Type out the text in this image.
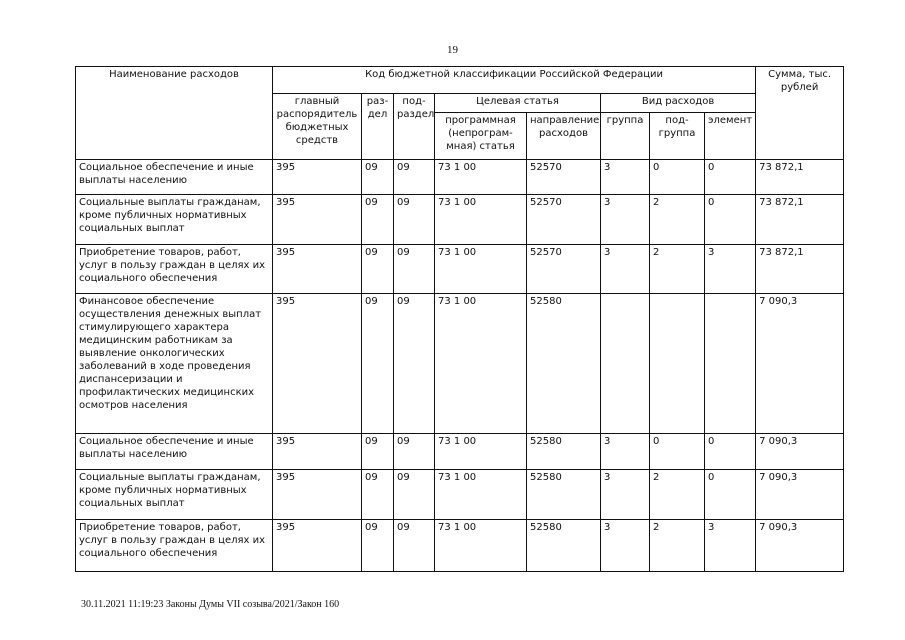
19
Наименование расходов	Код бюджетной классификации Российской Федерации								Сумма, тыс. рублей
	главный распорядитель бюджетных средств	раз-дел	под-раздел	Целевая статья		Вид расходов			
				программная (непрограм-мная) статья	направление расходов	группа	под-группа	элемент	
Социальное обеспечение и иные выплаты населению	395	09	09	73 1 00	52570	3	0	0	73 872,1
Социальные выплаты гражданам, кроме публичных нормативных социальных выплат	395	09	09	73 1 00	52570	3	2	0	73 872,1
Приобретение товаров, работ, услуг в пользу граждан в целях их социального обеспечения	395	09	09	73 1 00	52570	3	2	3	73 872,1
Финансовое обеспечение осуществления денежных выплат стимулирующего характера медицинским работникам за выявление онкологических заболеваний в ходе проведения диспансеризации и профилактических медицинских осмотров населения	395	09	09	73 1 00	52580				7 090,3
Социальное обеспечение и иные выплаты населению	395	09	09	73 1 00	52580	3	0	0	7 090,3
Социальные выплаты гражданам, кроме публичных нормативных социальных выплат	395	09	09	73 1 00	52580	3	2	0	7 090,3
Приобретение товаров, работ, услуг в пользу граждан в целях их социального обеспечения	395	09	09	73 1 00	52580	3	2	3	7 090,3
30.11.2021 11:19:23 Законы Думы VII созыва/2021/Закон 160
